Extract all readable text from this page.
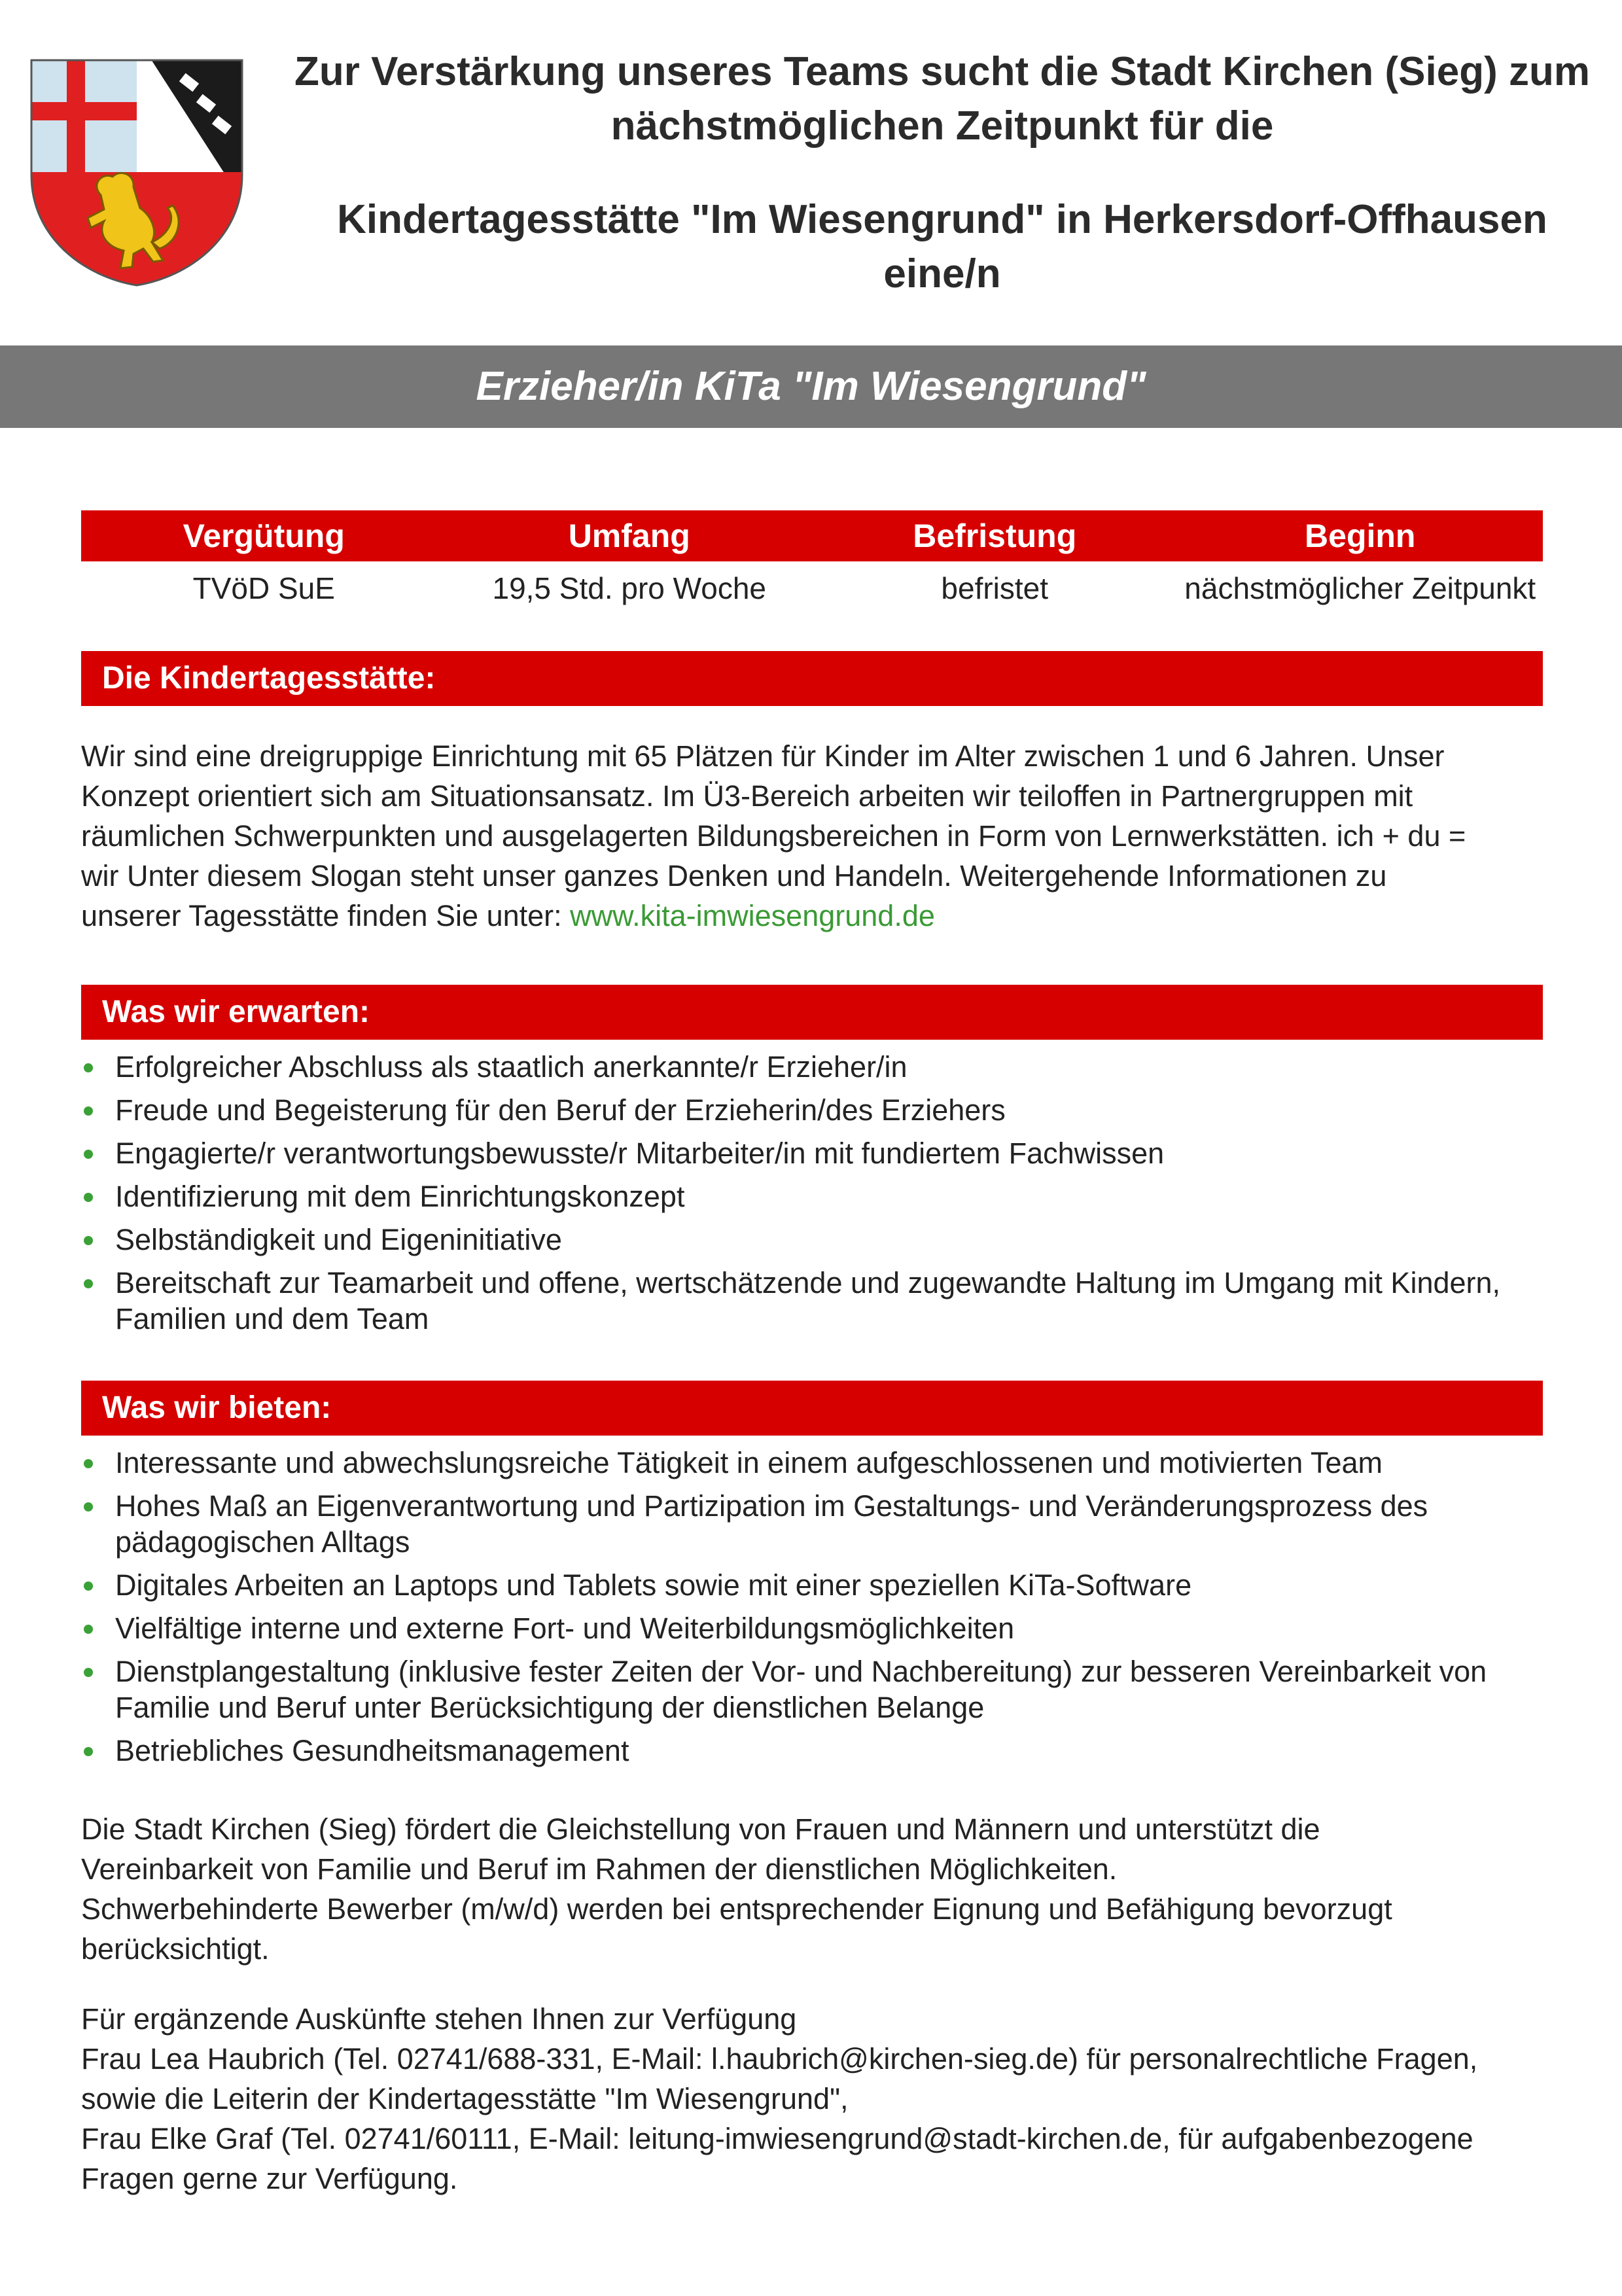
Zur Verstärkung unseres Teams sucht die Stadt Kirchen (Sieg) zum
nächstmöglichen Zeitpunkt für die
Kindertagesstätte "Im Wiesengrund" in Herkersdorf-Offhausen
eine/n
Erzieher/in KiTa "Im Wiesengrund"
Vergütung	Umfang	Befristung	Beginn
TVöD SuE	19,5 Std. pro Woche	befristet	nächstmöglicher Zeitpunkt
Die Kindertagesstätte:
Wir sind eine dreigruppige Einrichtung mit 65 Plätzen für Kinder im Alter zwischen 1 und 6 Jahren. Unser
Konzept orientiert sich am Situationsansatz. Im Ü3-Bereich arbeiten wir teiloffen in Partnergruppen mit
räumlichen Schwerpunkten und ausgelagerten Bildungsbereichen in Form von Lernwerkstätten. ich + du =
wir Unter diesem Slogan steht unser ganzes Denken und Handeln. Weitergehende Informationen zu
unserer Tagesstätte finden Sie unter: www.kita-imwiesengrund.de
Was wir erwarten:
Erfolgreicher Abschluss als staatlich anerkannte/r Erzieher/in
Freude und Begeisterung für den Beruf der Erzieherin/des Erziehers
Engagierte/r verantwortungsbewusste/r Mitarbeiter/in mit fundiertem Fachwissen
Identifizierung mit dem Einrichtungskonzept
Selbständigkeit und Eigeninitiative
Bereitschaft zur Teamarbeit und offene, wertschätzende und zugewandte Haltung im Umgang mit Kindern, Familien und dem Team
Was wir bieten:
Interessante und abwechslungsreiche Tätigkeit in einem aufgeschlossenen und motivierten Team
Hohes Maß an Eigenverantwortung und Partizipation im Gestaltungs- und Veränderungsprozess des pädagogischen Alltags
Digitales Arbeiten an Laptops und Tablets sowie mit einer speziellen KiTa-Software
Vielfältige interne und externe Fort- und Weiterbildungsmöglichkeiten
Dienstplangestaltung (inklusive fester Zeiten der Vor- und Nachbereitung) zur besseren Vereinbarkeit von Familie und Beruf unter Berücksichtigung der dienstlichen Belange
Betriebliches Gesundheitsmanagement
Die Stadt Kirchen (Sieg) fördert die Gleichstellung von Frauen und Männern und unterstützt die
Vereinbarkeit von Familie und Beruf im Rahmen der dienstlichen Möglichkeiten.
Schwerbehinderte Bewerber (m/w/d) werden bei entsprechender Eignung und Befähigung bevorzugt
berücksichtigt.
Für ergänzende Auskünfte stehen Ihnen zur Verfügung
Frau Lea Haubrich (Tel. 02741/688-331, E-Mail: l.haubrich@kirchen-sieg.de) für personalrechtliche Fragen,
sowie die Leiterin der Kindertagesstätte "Im Wiesengrund",
Frau Elke Graf (Tel. 02741/60111, E-Mail: leitung-imwiesengrund@stadt-kirchen.de, für aufgabenbezogene
Fragen gerne zur Verfügung.
